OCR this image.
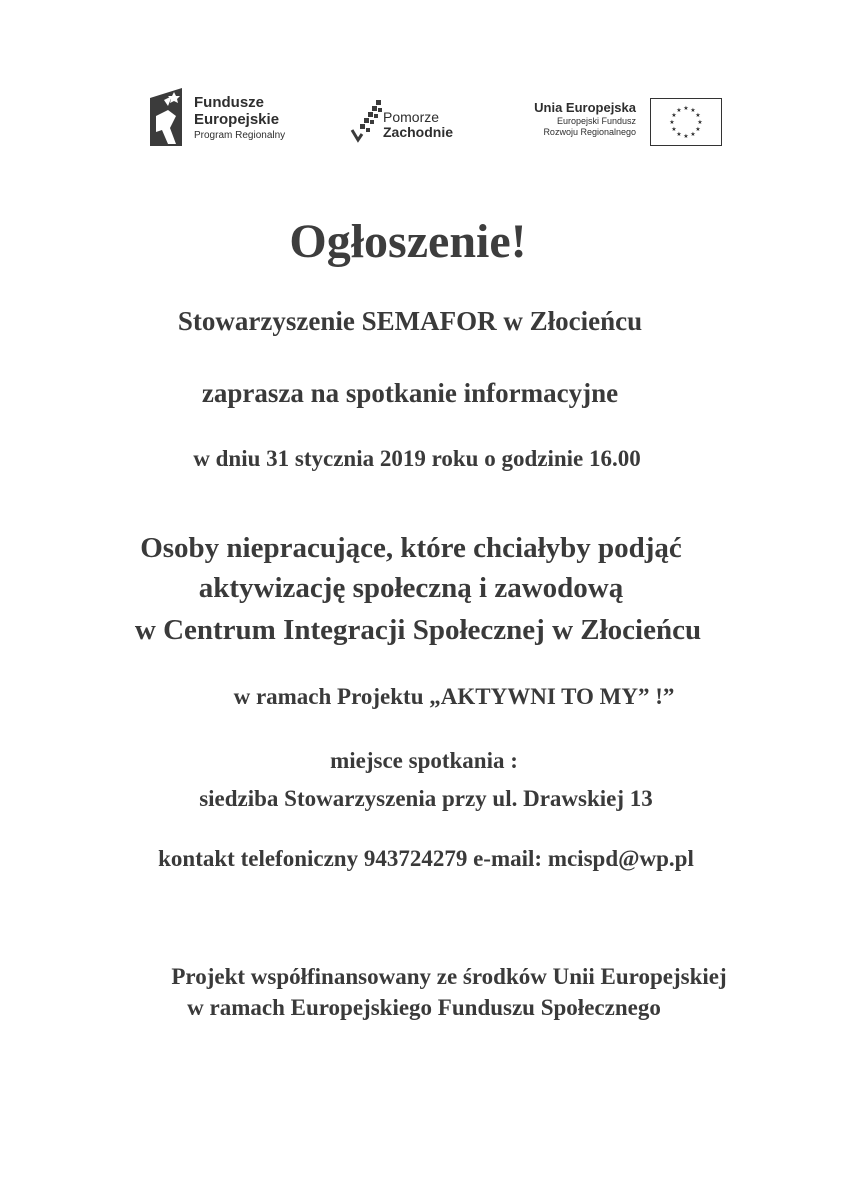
Fundusze
Europejskie
Program Regionalny
Pomorze
Zachodnie
Unia Europejska
Europejski Fundusz
Rozwoju Regionalnego
★ ★
★
★
★
★
★
★
★
★
★
★
Ogłoszenie!
Stowarzyszenie SEMAFOR w Złocieńcu
zaprasza na spotkanie informacyjne
w dniu 31 stycznia 2019 roku o godzinie 16.00
Osoby niepracujące, które chciałyby podjąć
aktywizację społeczną i zawodową
w Centrum Integracji Społecznej w Złocieńcu
w ramach Projektu „AKTYWNI TO MY” !”
miejsce spotkania :
siedziba Stowarzyszenia przy ul. Drawskiej 13
kontakt telefoniczny 943724279 e-mail: mcispd@wp.pl
Projekt współfinansowany ze środków Unii Europejskiej
w ramach Europejskiego Funduszu Społecznego
